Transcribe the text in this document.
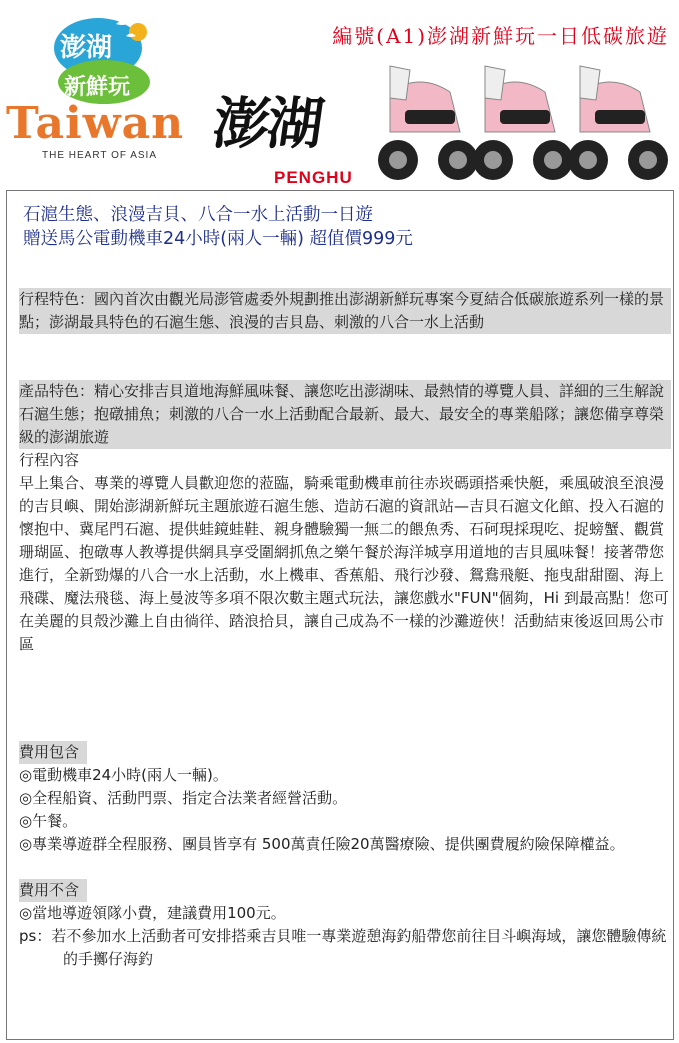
澎湖
新鮮玩
Taiwan
THE HEART OF ASIA
編號(A1)澎湖新鮮玩一日低碳旅遊
澎湖
PENGHU
石滬生態、浪漫吉貝、八合一水上活動一日遊
贈送馬公電動機車24小時(兩人一輛) 超值價999元
行程特色：國內首次由觀光局澎管處委外規劃推出澎湖新鮮玩專案今夏結合低碳旅遊系列一樣的景點；澎湖最具特色的石滬生態、浪漫的吉貝島、刺激的八合一水上活動
產品特色：精心安排吉貝道地海鮮風味餐、讓您吃出澎湖味、最熱情的導覽人員、詳細的三生解說石滬生態；抱礅捕魚；刺激的八合一水上活動配合最新、最大、最安全的專業船隊；讓您備享尊榮級的澎湖旅遊
行程內容
早上集合、專業的導覽人員歡迎您的蒞臨，騎乘電動機車前往赤崁碼頭搭乘快艇，乘風破浪至浪漫的吉貝嶼、開始澎湖新鮮玩主題旅遊石滬生態、造訪石滬的資訊站—吉貝石滬文化館、投入石滬的懷抱中、冀尾門石滬、提供蛙鏡蛙鞋、親身體驗獨一無二的餵魚秀、石砢現採現吃、捉螃蟹、觀賞珊瑚區、抱礅專人教導提供網具享受圍網抓魚之樂午餐於海洋城享用道地的吉貝風味餐！接著帶您進行，全新勁爆的八合一水上活動，水上機車、香蕉船、飛行沙發、鴛鴦飛艇、拖曳甜甜圈、海上飛碟、魔法飛毯、海上曼波等多項不限次數主題式玩法，讓您戲水"FUN"個夠，Hi 到最高點！您可在美麗的貝殼沙灘上自由徜徉、踏浪拾貝，讓自己成為不一樣的沙灘遊俠！活動結束後返回馬公市區
費用包含
◎電動機車24小時(兩人一輛)。
◎全程船資、活動門票、指定合法業者經營活動。
◎午餐。
◎專業導遊群全程服務、團員皆享有 500萬責任險20萬醫療險、提供團費履約險保障權益。
費用不含
◎當地導遊領隊小費，建議費用100元。
ps：若不參加水上活動者可安排搭乘吉貝唯一專業遊憩海釣船帶您前往目斗嶼海域，讓您體驗傳統的手擲仔海釣
